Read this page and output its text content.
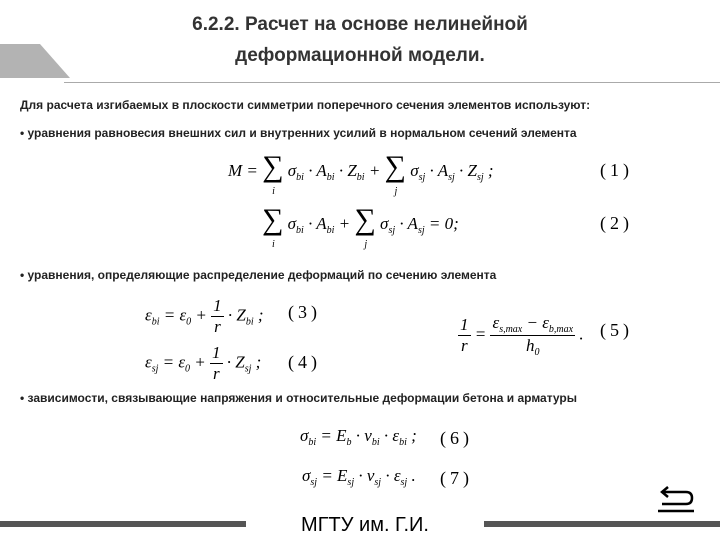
6.2.2. Расчет на основе нелинейной
деформационной модели.
Для расчета изгибаемых в плоскости симметрии поперечного сечения элементов используют:
• уравнения равновесия внешних сил и внутренних усилий в нормальном сечений элемента
M = ∑
i
$\sigma_{bi} \cdot A_{bi} \cdot Z_{bi}$ + ∑
j
$\sigma_{sj} \cdot A_{sj} \cdot Z_{sj}$ ;	(1)
∑
i
$\sigma_{bi} \cdot A_{bi}$ + ∑
j
$\sigma_{sj} \cdot A_{sj} = 0$;	(2)
• уравнения, определяющие распределение деформаций по сечению элемента
$\varepsilon_{bi} = \varepsilon_0 + \frac{1}{r} \cdot Z_{bi}$ ; (3)
$\varepsilon_{sj} = \varepsilon_0 + \frac{1}{r} \cdot Z_{sj}$ ; (4)
$\frac{1}{r} = \frac{\varepsilon_{s,max} - \varepsilon_{b,max}}{h_0}$ . (5)
• зависимости, связывающие напряжения и относительные деформации бетона и арматуры
$\sigma_{bi} = E_b \cdot \nu_{bi} \cdot \varepsilon_{bi}$ ; (6)
$\sigma_{sj} = E_{sj} \cdot \nu_{sj} \cdot \varepsilon_{sj}$ . (7)
МГТУ им. Г.И.
